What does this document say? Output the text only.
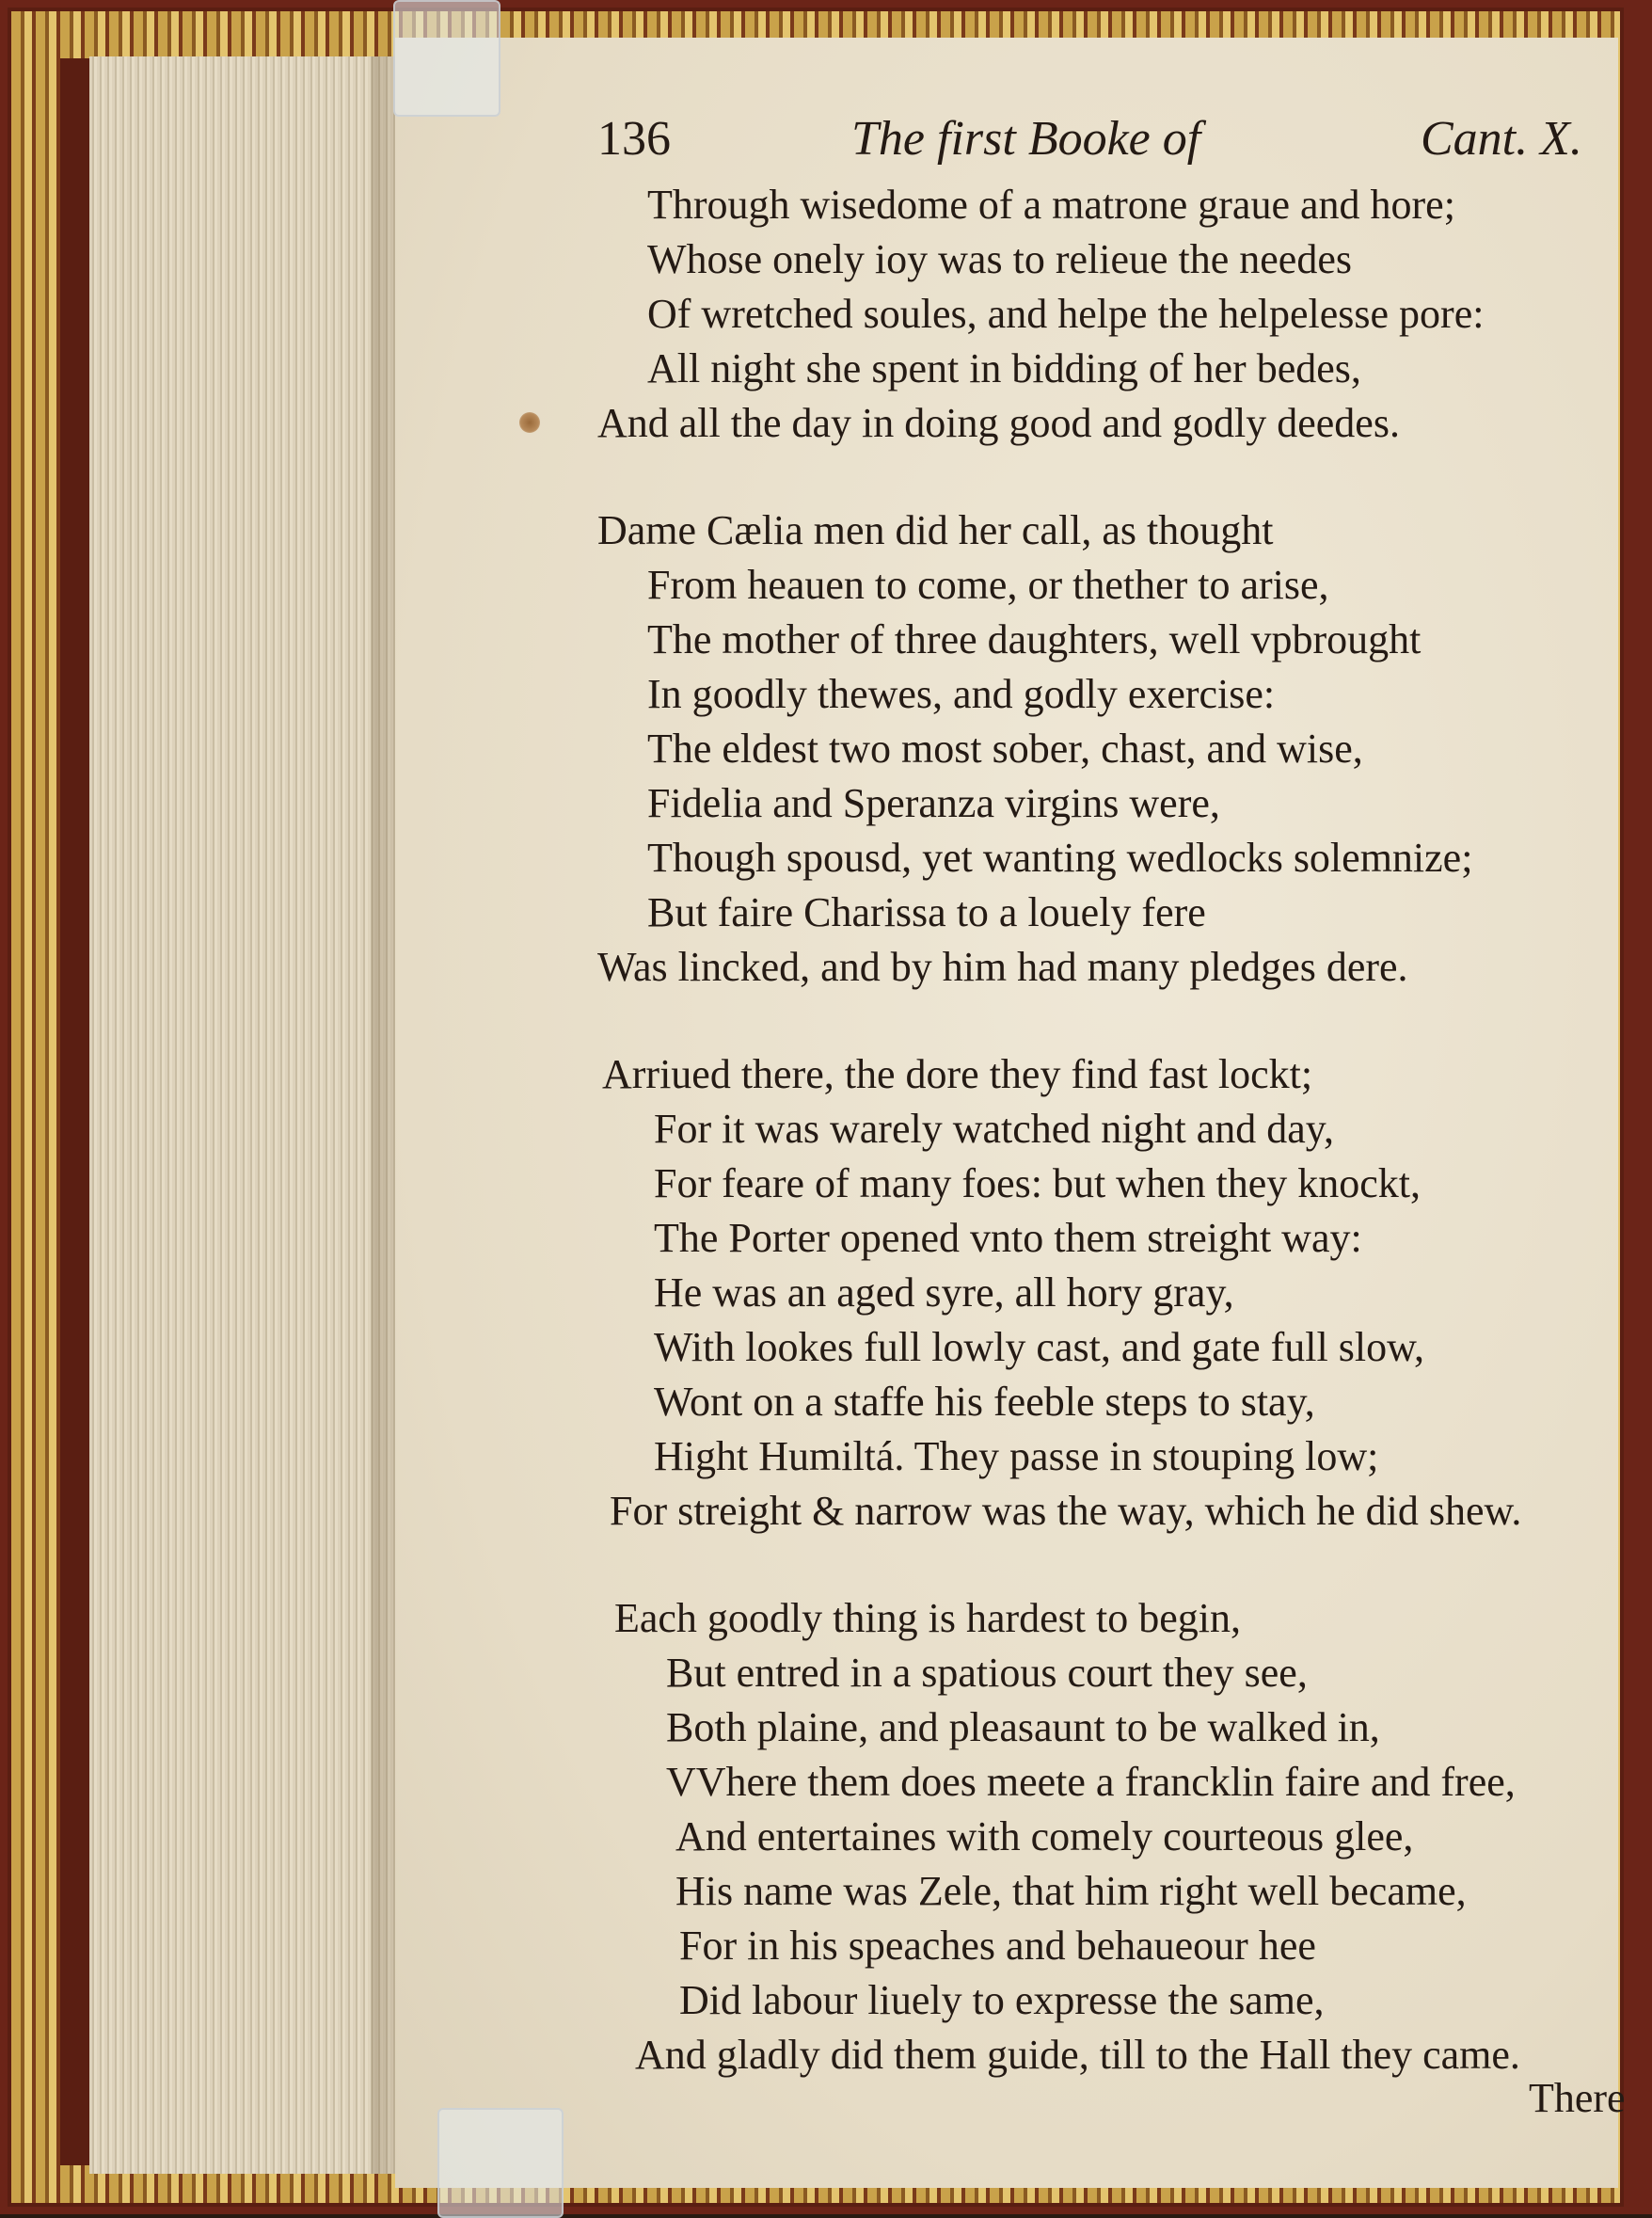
136	The first Booke of	Cant. X.
Through wisedome of a matrone graue and hore;
Whose onely ioy was to relieue the needes
Of wretched soules, and helpe the helpelesse pore:
All night she spent in bidding of her bedes,
And all the day in doing good and godly deedes.
Dame Cælia men did her call, as thought
From heauen to come, or thether to arise,
The mother of three daughters, well vpbrought
In goodly thewes, and godly exercise:
The eldest two most sober, chast, and wise,
Fidelia and Speranza virgins were,
Though spousd, yet wanting wedlocks solemnize;
But faire Charissa to a louely fere
Was lincked, and by him had many pledges dere.
Arriued there, the dore they find fast lockt;
For it was warely watched night and day,
For feare of many foes: but when they knockt,
The Porter opened vnto them streight way:
He was an aged syre, all hory gray,
With lookes full lowly cast, and gate full slow,
Wont on a staffe his feeble steps to stay,
Hight Humiltá. They passe in stouping low;
For streight & narrow was the way, which he did shew.
Each goodly thing is hardest to begin,
But entred in a spatious court they see,
Both plaine, and pleasaunt to be walked in,
VVhere them does meete a francklin faire and free,
And entertaines with comely courteous glee,
His name was Zele, that him right well became,
For in his speaches and behaueour hee
Did labour liuely to expresse the same,
And gladly did them guide, till to the Hall they came.
There
